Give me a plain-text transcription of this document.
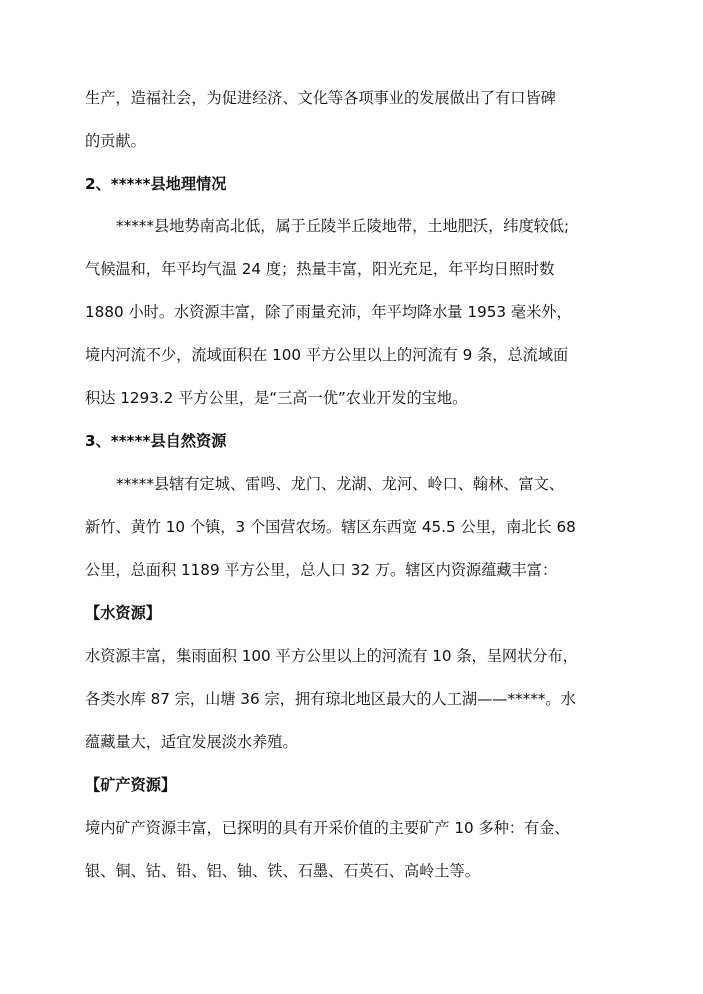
生产，造福社会，为促进经济、文化等各项事业的发展做出了有口皆碑
的贡献。
2、*****县地理情况
*****县地势南高北低，属于丘陵半丘陵地带，土地肥沃，纬度较低;
气候温和，年平均气温 24 度；热量丰富，阳光充足，年平均日照时数
1880 小时。水资源丰富，除了雨量充沛，年平均降水量 1953 毫米外，
境内河流不少，流域面积在 100 平方公里以上的河流有 9 条，总流域面
积达 1293.2 平方公里，是“三高一优”农业开发的宝地。
3、*****县自然资源
*****县辖有定城、雷鸣、龙门、龙湖、龙河、岭口、翰林、富文、
新竹、黄竹 10 个镇，3 个国营农场。辖区东西宽 45.5 公里，南北长 68
公里，总面积 1189 平方公里，总人口 32 万。辖区内资源蕴藏丰富：
【水资源】
水资源丰富，集雨面积 100 平方公里以上的河流有 10 条，呈网状分布，
各类水库 87 宗，山塘 36 宗，拥有琼北地区最大的人工湖——*****。水
蕴藏量大，适宜发展淡水养殖。
【矿产资源】
境内矿产资源丰富，已探明的具有开采价值的主要矿产 10 多种：有金、
银、铜、钴、铅、铝、铀、铁、石墨、石英石、高岭土等。
